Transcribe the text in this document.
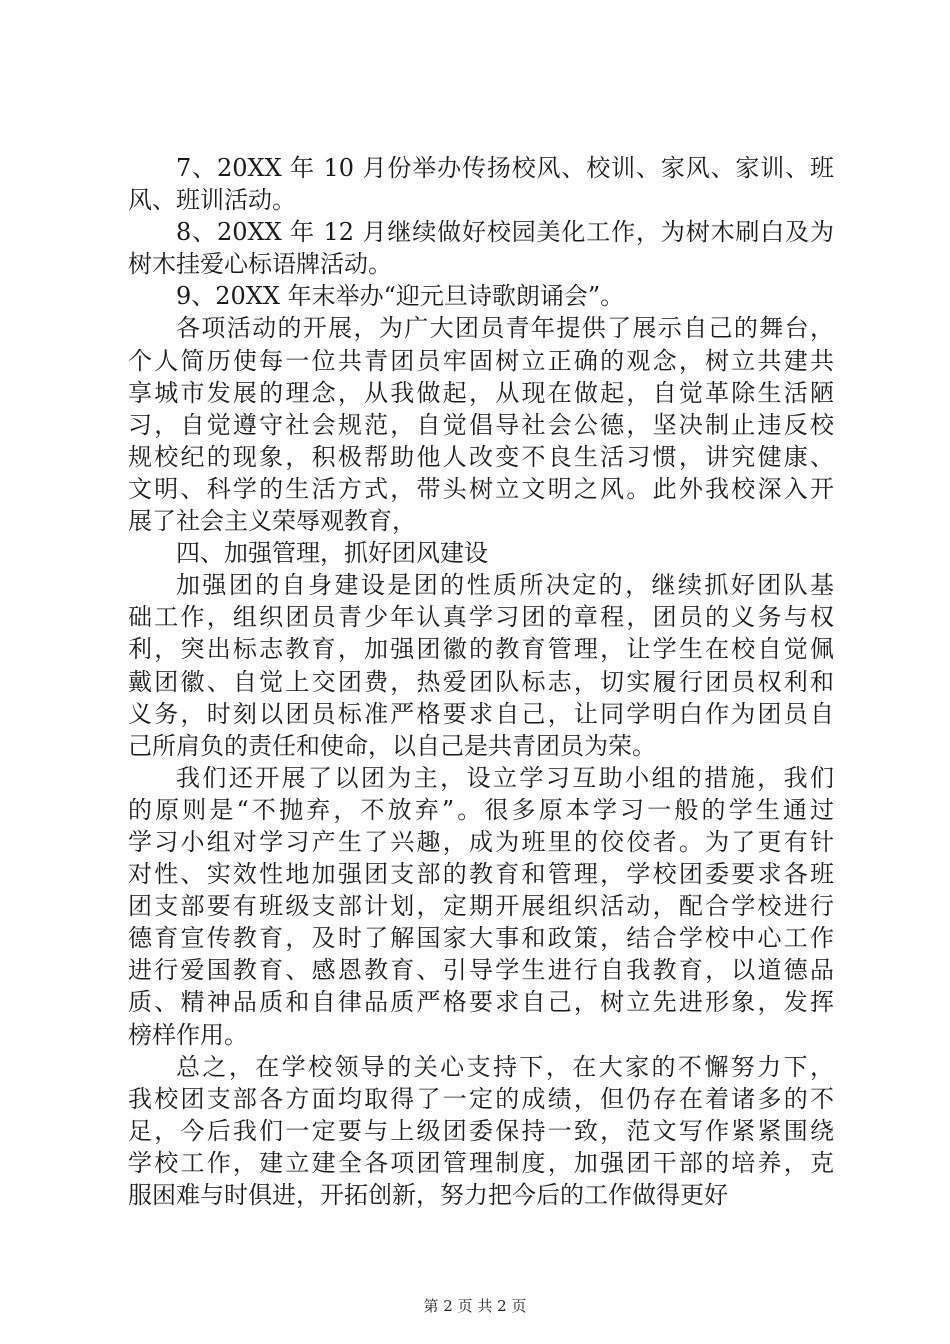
7、20XX 年 10 月份举办传扬校风、校训、家风、家训、班
风、班训活动。

8、20XX 年 12 月继续做好校园美化工作，为树木刷白及为
树木挂爱心标语牌活动。

9、20XX 年末举办“迎元旦诗歌朗诵会”。

各项活动的开展，为广大团员青年提供了展示自己的舞台，
个人简历使每一位共青团员牢固树立正确的观念，树立共建共
享城市发展的理念，从我做起，从现在做起，自觉革除生活陋
习，自觉遵守社会规范，自觉倡导社会公德，坚决制止违反校
规校纪的现象，积极帮助他人改变不良生活习惯，讲究健康、
文明、科学的生活方式，带头树立文明之风。此外我校深入开
展了社会主义荣辱观教育，

四、加强管理，抓好团风建设

加强团的自身建设是团的性质所决定的，继续抓好团队基
础工作，组织团员青少年认真学习团的章程，团员的义务与权
利，突出标志教育，加强团徽的教育管理，让学生在校自觉佩
戴团徽、自觉上交团费，热爱团队标志，切实履行团员权利和
义务，时刻以团员标准严格要求自己，让同学明白作为团员自
己所肩负的责任和使命，以自己是共青团员为荣。

我们还开展了以团为主，设立学习互助小组的措施，我们
的原则是“不抛弃，不放弃”。很多原本学习一般的学生通过
学习小组对学习产生了兴趣，成为班里的佼佼者。为了更有针
对性、实效性地加强团支部的教育和管理，学校团委要求各班
团支部要有班级支部计划，定期开展组织活动，配合学校进行
德育宣传教育，及时了解国家大事和政策，结合学校中心工作
进行爱国教育、感恩教育、引导学生进行自我教育，以道德品
质、精神品质和自律品质严格要求自己，树立先进形象，发挥
榜样作用。

总之，在学校领导的关心支持下，在大家的不懈努力下，
我校团支部各方面均取得了一定的成绩，但仍存在着诸多的不
足，今后我们一定要与上级团委保持一致，范文写作紧紧围绕
学校工作，建立建全各项团管理制度，加强团干部的培养，克
服困难与时俱进，开拓创新，努力把今后的工作做得更好

第 2 页 共 2 页
